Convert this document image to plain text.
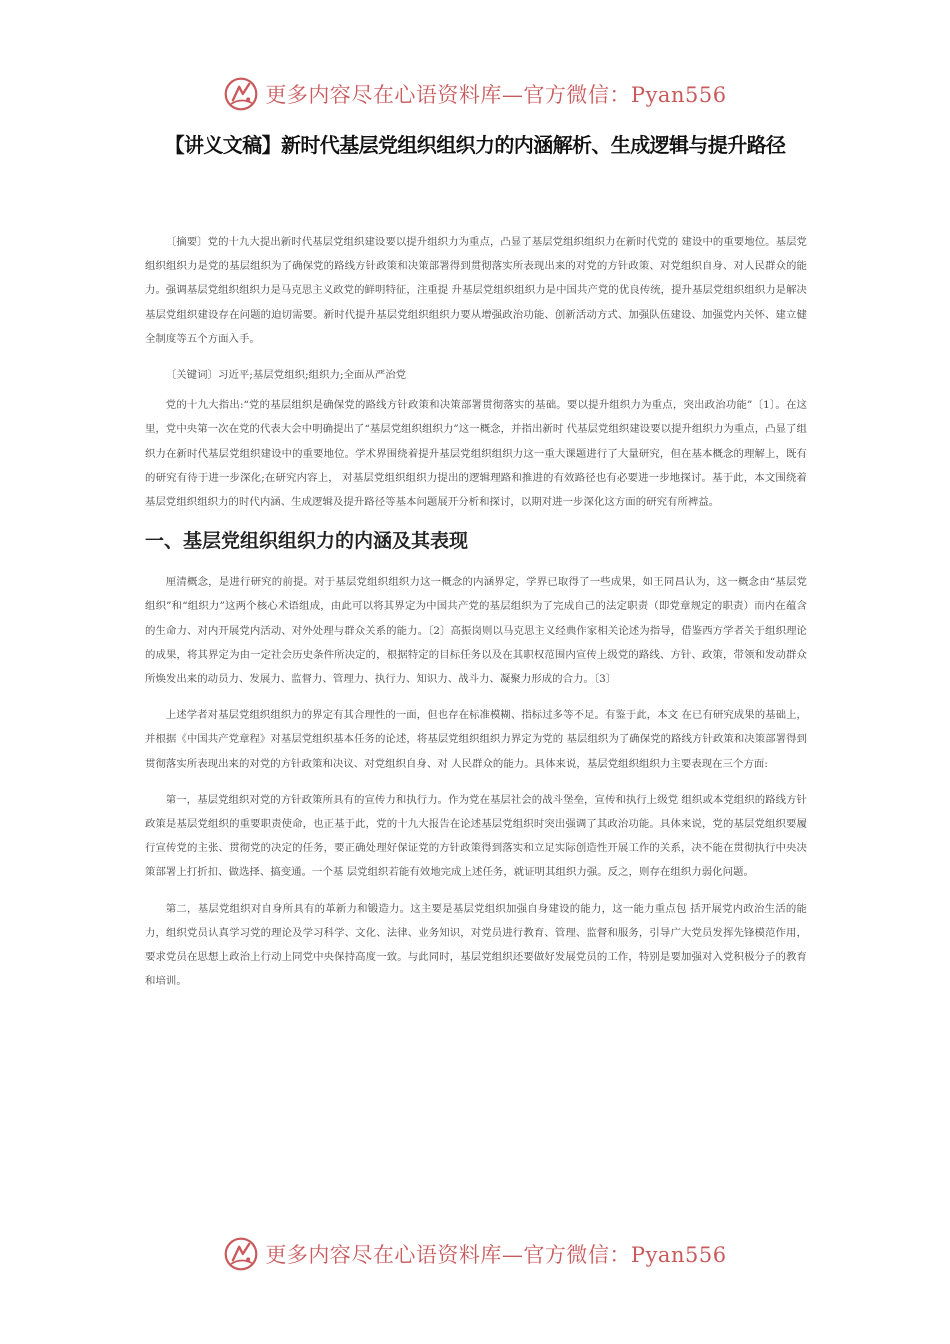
更多内容尽在心语资料库—官方微信：Pyan556
【讲义文稿】新时代基层党组织组织力的内涵解析、生成逻辑与提升路径

〔摘要〕党的十九大提出新时代基层党组织建设要以提升组织力为重点，凸显了基层党组织组织力在新时代党的 建设中的重要地位。基层党组织组织力是党的基层组织为了确保党的路线方针政策和决策部署得到贯彻落实所表现出来的对党的方针政策、对党组织自身、对人民群众的能力。强调基层党组织组织力是马克思主义政党的鲜明特征，注重提 升基层党组织组织力是中国共产党的优良传统，提升基层党组织组织力是解决基层党组织建设存在问题的迫切需要。新时代提升基层党组织组织力要从增强政治功能、创新活动方式、加强队伍建设、加强党内关怀、建立健全制度等五个方面入手。

〔关键词〕习近平;基层党组织;组织力;全面从严治党

党的十九大指出:“党的基层组织是确保党的路线方针政策和决策部署贯彻落实的基础。要以提升组织力为重点，突出政治功能”〔1〕。在这里，党中央第一次在党的代表大会中明确提出了“基层党组织组织力”这一概念，并指出新时 代基层党组织建设要以提升组织力为重点，凸显了组织力在新时代基层党组织建设中的重要地位。学术界围绕着提升基层党组织组织力这一重大课题进行了大量研究，但在基本概念的理解上，既有的研究有待于进一步深化;在研究内容上， 对基层党组织组织力提出的逻辑理路和推进的有效路径也有必要进一步地探讨。基于此，本文围绕着基层党组织组织力的时代内涵、生成逻辑及提升路径等基本问题展开分析和探讨，以期对进一步深化这方面的研究有所裨益。

一、基层党组织组织力的内涵及其表现

厘清概念，是进行研究的前提。对于基层党组织组织力这一概念的内涵界定，学界已取得了一些成果，如王同昌认为，这一概念由“基层党组织”和“组织力”这两个核心术语组成，由此可以将其界定为中国共产党的基层组织为了完成自己的法定职责（即党章规定的职责）而内在蕴含的生命力、对内开展党内活动、对外处理与群众关系的能力。〔2〕高振岗则以马克思主义经典作家相关论述为指导，借鉴西方学者关于组织理论的成果，将其界定为由一定社会历史条件所决定的，根据特定的目标任务以及在其职权范围内宣传上级党的路线、方针、政策，带领和发动群众所焕发出来的动员力、发展力、监督力、管理力、执行力、知识力、战斗力、凝聚力形成的合力。〔3〕

上述学者对基层党组织组织力的界定有其合理性的一面，但也存在标准模糊、指标过多等不足。有鉴于此，本文 在已有研究成果的基础上，并根据《中国共产党章程》对基层党组织基本任务的论述，将基层党组织组织力界定为党的 基层组织为了确保党的路线方针政策和决策部署得到贯彻落实所表现出来的对党的方针政策和决议、对党组织自身、对 人民群众的能力。具体来说，基层党组织组织力主要表现在三个方面:

第一，基层党组织对党的方针政策所具有的宣传力和执行力。作为党在基层社会的战斗堡垒，宣传和执行上级党 组织或本党组织的路线方针政策是基层党组织的重要职责使命，也正基于此，党的十九大报告在论述基层党组织时突出强调了其政治功能。具体来说，党的基层党组织要履行宣传党的主张、贯彻党的决定的任务，要正确处理好保证党的方针政策得到落实和立足实际创造性开展工作的关系，决不能在贯彻执行中央决策部署上打折扣、做选择、搞变通。一个基 层党组织若能有效地完成上述任务，就证明其组织力强。反之，则存在组织力弱化问题。

第二，基层党组织对自身所具有的革新力和锻造力。这主要是基层党组织加强自身建设的能力，这一能力重点包 括开展党内政治生活的能力，组织党员认真学习党的理论及学习科学、文化、法律、业务知识，对党员进行教育、管理、监督和服务，引导广大党员发挥先锋模范作用，要求党员在思想上政治上行动上同党中央保持高度一致。与此同时，基层党组织还要做好发展党员的工作，特别是要加强对入党积极分子的教育和培训。

更多内容尽在心语资料库—官方微信：Pyan556
